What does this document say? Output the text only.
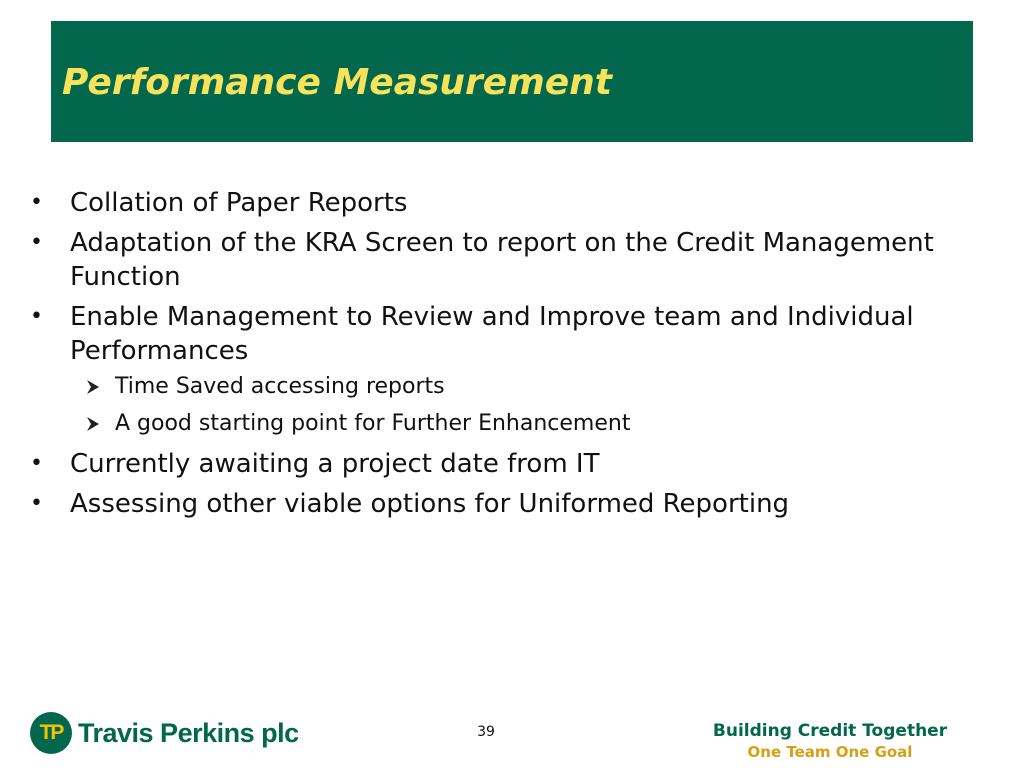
Performance Measurement
• Collation of Paper Reports
• Adaptation of the KRA Screen to report on the Credit Management Function
• Enable Management to Review and Improve team and Individual Performances
Time Saved accessing reports
A good starting point for Further Enhancement
• Currently awaiting a project date from IT
• Assessing other viable options for Uniformed Reporting
TP Travis Perkins plc	39	Building Credit Together
One Team One Goal
